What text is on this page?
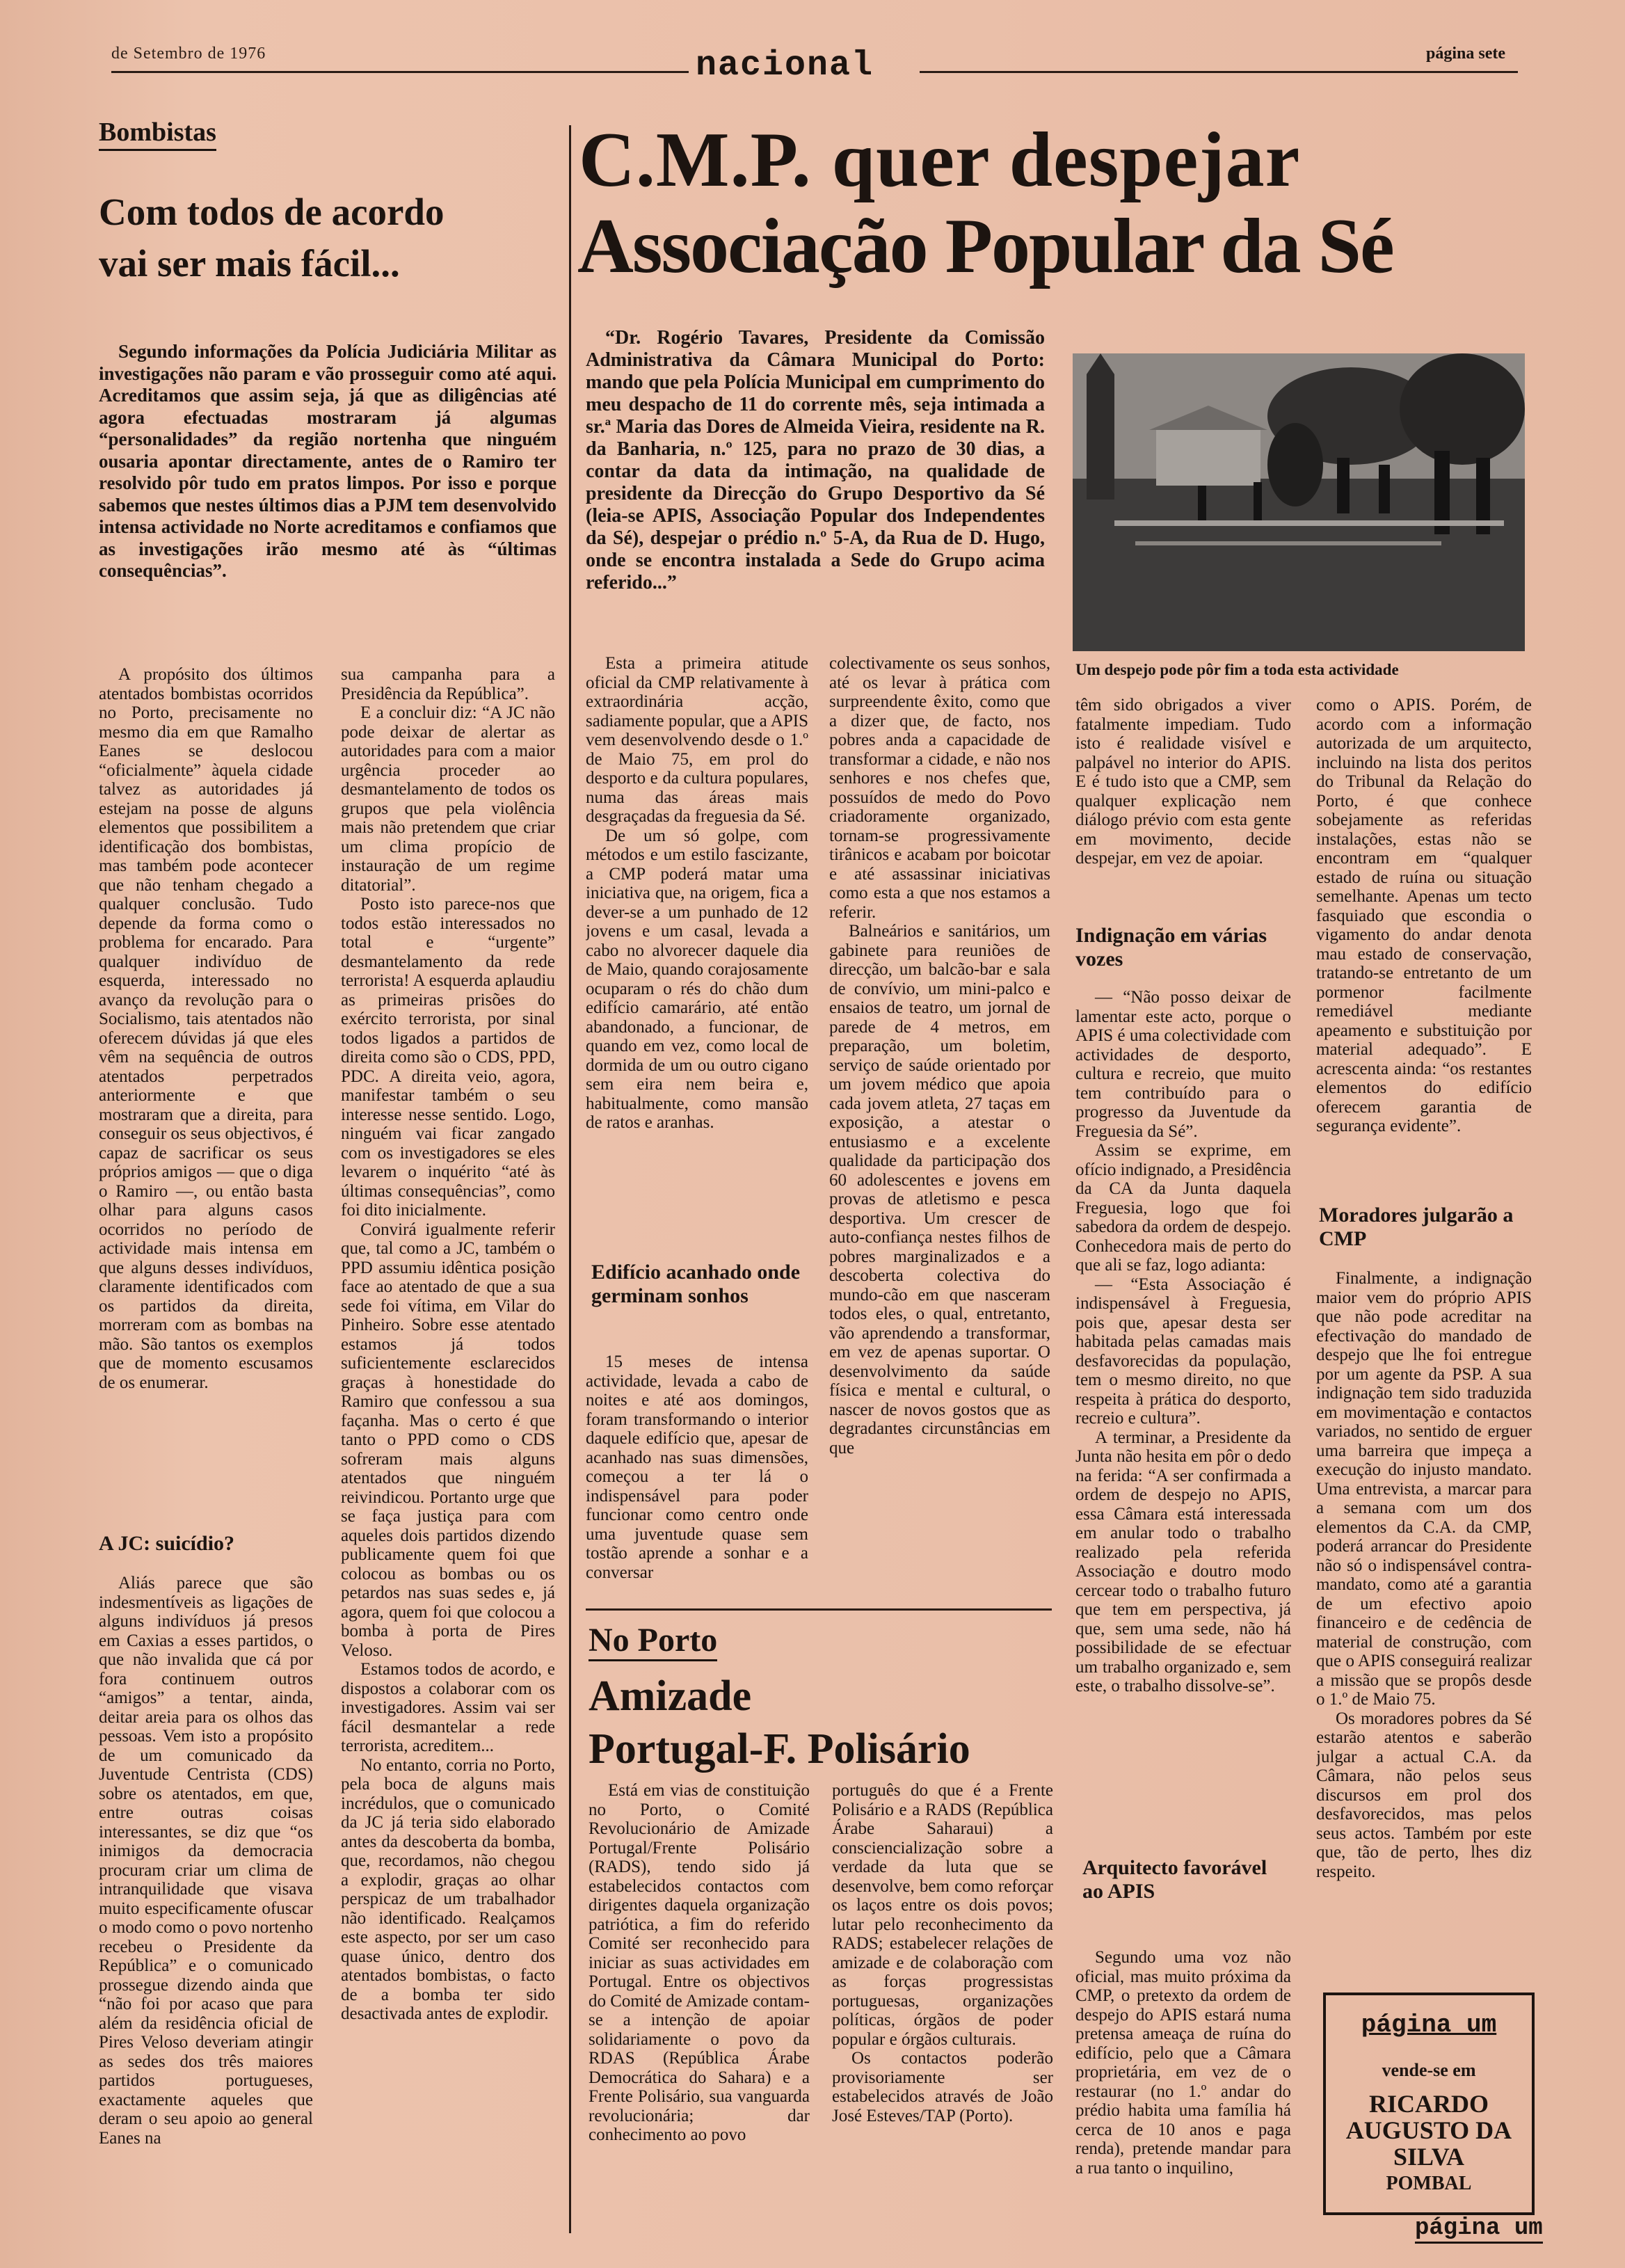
de Setembro de 1976	nacional	página sete
Bombistas
Com todos de acordo vai ser mais fácil...

Segundo informações da Polícia Judiciária Militar as investigações não param e vão prosseguir como até aqui. Acreditamos que assim seja, já que as diligências até agora efectuadas mostraram já algumas “personalidades” da região nortenha que ninguém ousaria apontar directamente, antes de o Ramiro ter resolvido pôr tudo em pratos limpos. Por isso e porque sabemos que nestes últimos dias a PJM tem desenvolvido intensa actividade no Norte acreditamos e confiamos que as investigações irão mesmo até às “últimas consequências”.

A propósito dos últimos atentados bombistas ocorridos no Porto, precisamente no mesmo dia em que Ramalho Eanes se deslocou “oficialmente” àquela cidade talvez as autoridades já estejam na posse de alguns elementos que possibilitem a identificação dos bombistas, mas também pode acontecer que não tenham chegado a qualquer conclusão. Tudo depende da forma como o problema for encarado. Para qualquer indivíduo de esquerda, interessado no avanço da revolução para o Socialismo, tais atentados não oferecem dúvidas já que eles vêm na sequência de outros atentados perpetrados anteriormente e que mostraram que a direita, para conseguir os seus objectivos, é capaz de sacrificar os seus próprios amigos — que o diga o Ramiro —, ou então basta olhar para alguns casos ocorridos no período de actividade mais intensa em que alguns desses indivíduos, claramente identificados com os partidos da direita, morreram com as bombas na mão. São tantos os exemplos que de momento escusamos de os enumerar.

A JC: suicídio?

Aliás parece que são indesmentíveis as ligações de alguns indivíduos já presos em Caxias a esses partidos, o que não invalida que cá por fora continuem outros “amigos” a tentar, ainda, deitar areia para os olhos das pessoas. Vem isto a propósito de um comunicado da Juventude Centrista (CDS) sobre os atentados, em que, entre outras coisas interessantes, se diz que “os inimigos da democracia procuram criar um clima de intranquilidade que visava muito especificamente ofuscar o modo como o povo nortenho recebeu o Presidente da República” e o comunicado prossegue dizendo ainda que “não foi por acaso que para além da residência oficial de Pires Veloso deveriam atingir as sedes dos três maiores partidos portugueses, exactamente aqueles que deram o seu apoio ao general Eanes na

sua campanha para a Presidência da República”.

E a concluir diz: “A JC não pode deixar de alertar as autoridades para com a maior urgência proceder ao desmantelamento de todos os grupos que pela violência mais não pretendem que criar um clima propício de instauração de um regime ditatorial”.

Posto isto parece-nos que todos estão interessados no total e “urgente” desmantelamento da rede terrorista! A esquerda aplaudiu as primeiras prisões do exército terrorista, por sinal todos ligados a partidos de direita como são o CDS, PPD, PDC. A direita veio, agora, manifestar também o seu interesse nesse sentido. Logo, ninguém vai ficar zangado com os investigadores se eles levarem o inquérito “até às últimas consequências”, como foi dito inicialmente.

Convirá igualmente referir que, tal como a JC, também o PPD assumiu idêntica posição face ao atentado de que a sua sede foi vítima, em Vilar do Pinheiro. Sobre esse atentado estamos já todos suficientemente esclarecidos graças à honestidade do Ramiro que confessou a sua façanha. Mas o certo é que tanto o PPD como o CDS sofreram mais alguns atentados que ninguém reivindicou. Portanto urge que se faça justiça para com aqueles dois partidos dizendo publicamente quem foi que colocou as bombas ou os petardos nas suas sedes e, já agora, quem foi que colocou a bomba à porta de Pires Veloso.

Estamos todos de acordo, e dispostos a colaborar com os investigadores. Assim vai ser fácil desmantelar a rede terrorista, acreditem...

No entanto, corria no Porto, pela boca de alguns mais incrédulos, que o comunicado da JC já teria sido elaborado antes da descoberta da bomba, que, recordamos, não chegou a explodir, graças ao olhar perspicaz de um trabalhador não identificado. Realçamos este aspecto, por ser um caso quase único, dentro dos atentados bombistas, o facto de a bomba ter sido desactivada antes de explodir.

C.M.P. quer despejar
Associação Popular da Sé

“Dr. Rogério Tavares, Presidente da Comissão Administrativa da Câmara Municipal do Porto: mando que pela Polícia Municipal em cumprimento do meu despacho de 11 do corrente mês, seja intimada a sr.ª Maria das Dores de Almeida Vieira, residente na R. da Banharia, n.º 125, para no prazo de 30 dias, a contar da data da intimação, na qualidade de presidente da Direcção do Grupo Desportivo da Sé (leia-se APIS, Associação Popular dos Independentes da Sé), despejar o prédio n.º 5-A, da Rua de D. Hugo, onde se encontra instalada a Sede do Grupo acima referido...”

Um despejo pode pôr fim a toda esta actividade

Esta a primeira atitude oficial da CMP relativamente à extraordinária acção, sadiamente popular, que a APIS vem desenvolvendo desde o 1.º de Maio 75, em prol do desporto e da cultura populares, numa das áreas mais desgraçadas da freguesia da Sé.

De um só golpe, com métodos e um estilo fascizante, a CMP poderá matar uma iniciativa que, na origem, fica a dever-se a um punhado de 12 jovens e um casal, levada a cabo no alvorecer daquele dia de Maio, quando corajosamente ocuparam o rés do chão dum edifício camarário, até então abandonado, a funcionar, de quando em vez, como local de dormida de um ou outro cigano sem eira nem beira e, habitualmente, como mansão de ratos e aranhas.

Edifício acanhado onde germinam sonhos

15 meses de intensa actividade, levada a cabo de noites e até aos domingos, foram transformando o interior daquele edifício que, apesar de acanhado nas suas dimensões, começou a ter lá o indispensável para poder funcionar como centro onde uma juventude quase sem tostão aprende a sonhar e a conversar

colectivamente os seus sonhos, até os levar à prática com surpreendente êxito, como que a dizer que, de facto, nos pobres anda a capacidade de transformar a cidade, e não nos senhores e nos chefes que, possuídos de medo do Povo criadoramente organizado, tornam-se progressivamente tirânicos e acabam por boicotar e até assassinar iniciativas como esta a que nos estamos a referir.

Balneários e sanitários, um gabinete para reuniões de direcção, um balcão-bar e sala de convívio, um mini-palco e ensaios de teatro, um jornal de parede de 4 metros, em preparação, um boletim, serviço de saúde orientado por um jovem médico que apoia cada jovem atleta, 27 taças em exposição, a atestar o entusiasmo e a excelente qualidade da participação dos 60 adolescentes e jovens em provas de atletismo e pesca desportiva. Um crescer de auto-confiança nestes filhos de pobres marginalizados e a descoberta colectiva do mundo-cão em que nasceram todos eles, o qual, entretanto, vão aprendendo a transformar, em vez de apenas suportar. O desenvolvimento da saúde física e mental e cultural, o nascer de novos gostos que as degradantes circunstâncias em que

têm sido obrigados a viver fatalmente impediam. Tudo isto é realidade visível e palpável no interior do APIS. E é tudo isto que a CMP, sem qualquer explicação nem diálogo prévio com esta gente em movimento, decide despejar, em vez de apoiar.

Indignação em várias vozes

— “Não posso deixar de lamentar este acto, porque o APIS é uma colectividade com actividades de desporto, cultura e recreio, que muito tem contribuído para o progresso da Juventude da Freguesia da Sé”.

Assim se exprime, em ofício indignado, a Presidência da CA da Junta daquela Freguesia, logo que foi sabedora da ordem de despejo. Conhecedora mais de perto do que ali se faz, logo adianta:

— “Esta Associação é indispensável à Freguesia, pois que, apesar desta ser habitada pelas camadas mais desfavorecidas da população, tem o mesmo direito, no que respeita à prática do desporto, recreio e cultura”.

A terminar, a Presidente da Junta não hesita em pôr o dedo na ferida: “A ser confirmada a ordem de despejo no APIS, essa Câmara está interessada em anular todo o trabalho realizado pela referida Associação e doutro modo cercear todo o trabalho futuro que tem em perspectiva, já que, sem uma sede, não há possibilidade de se efectuar um trabalho organizado e, sem este, o trabalho dissolve-se”.

Arquitecto favorável ao APIS

Segundo uma voz não oficial, mas muito próxima da CMP, o pretexto da ordem de despejo do APIS estará numa pretensa ameaça de ruína do edifício, pelo que a Câmara proprietária, em vez de o restaurar (no 1.º andar do prédio habita uma família há cerca de 10 anos e paga renda), pretende mandar para a rua tanto o inquilino,

como o APIS. Porém, de acordo com a informação autorizada de um arquitecto, incluindo na lista dos peritos do Tribunal da Relação do Porto, é que conhece sobejamente as referidas instalações, estas não se encontram em “qualquer estado de ruína ou situação semelhante. Apenas um tecto fasquiado que escondia o vigamento do andar denota mau estado de conservação, tratando-se entretanto de um pormenor facilmente remediável mediante apeamento e substituição por material adequado”. E acrescenta ainda: “os restantes elementos do edifício oferecem garantia de segurança evidente”.

Moradores julgarão a CMP

Finalmente, a indignação maior vem do próprio APIS que não pode acreditar na efectivação do mandado de despejo que lhe foi entregue por um agente da PSP. A sua indignação tem sido traduzida em movimentação e contactos variados, no sentido de erguer uma barreira que impeça a execução do injusto mandato. Uma entrevista, a marcar para a semana com um dos elementos da C.A. da CMP, poderá arrancar do Presidente não só o indispensável contra-mandato, como até a garantia de um efectivo apoio financeiro e de cedência de material de construção, com que o APIS conseguirá realizar a missão que se propôs desde o 1.º de Maio 75.

Os moradores pobres da Sé estarão atentos e saberão julgar a actual C.A. da Câmara, não pelos seus discursos em prol dos desfavorecidos, mas pelos seus actos. Também por este que, tão de perto, lhes diz respeito.

No Porto
Amizade
Portugal-F. Polisário

Está em vias de constituição no Porto, o Comité Revolucionário de Amizade Portugal/Frente Polisário (RADS), tendo sido já estabelecidos contactos com dirigentes daquela organização patriótica, a fim do referido Comité ser reconhecido para iniciar as suas actividades em Portugal. Entre os objectivos do Comité de Amizade contam-se a intenção de apoiar solidariamente o povo da RDAS (República Árabe Democrática do Sahara) e a Frente Polisário, sua vanguarda revolucionária; dar conhecimento ao povo

português do que é a Frente Polisário e a RADS (República Árabe Saharaui) a consciencialização sobre a verdade da luta que se desenvolve, bem como reforçar os laços entre os dois povos; lutar pelo reconhecimento da RADS; estabelecer relações de amizade e de colaboração com as forças progressistas portuguesas, organizações políticas, órgãos de poder popular e órgãos culturais.

Os contactos poderão provisoriamente ser estabelecidos através de João José Esteves/TAP (Porto).

página um
vende-se em
RICARDO AUGUSTO DA SILVA
POMBAL
página um
